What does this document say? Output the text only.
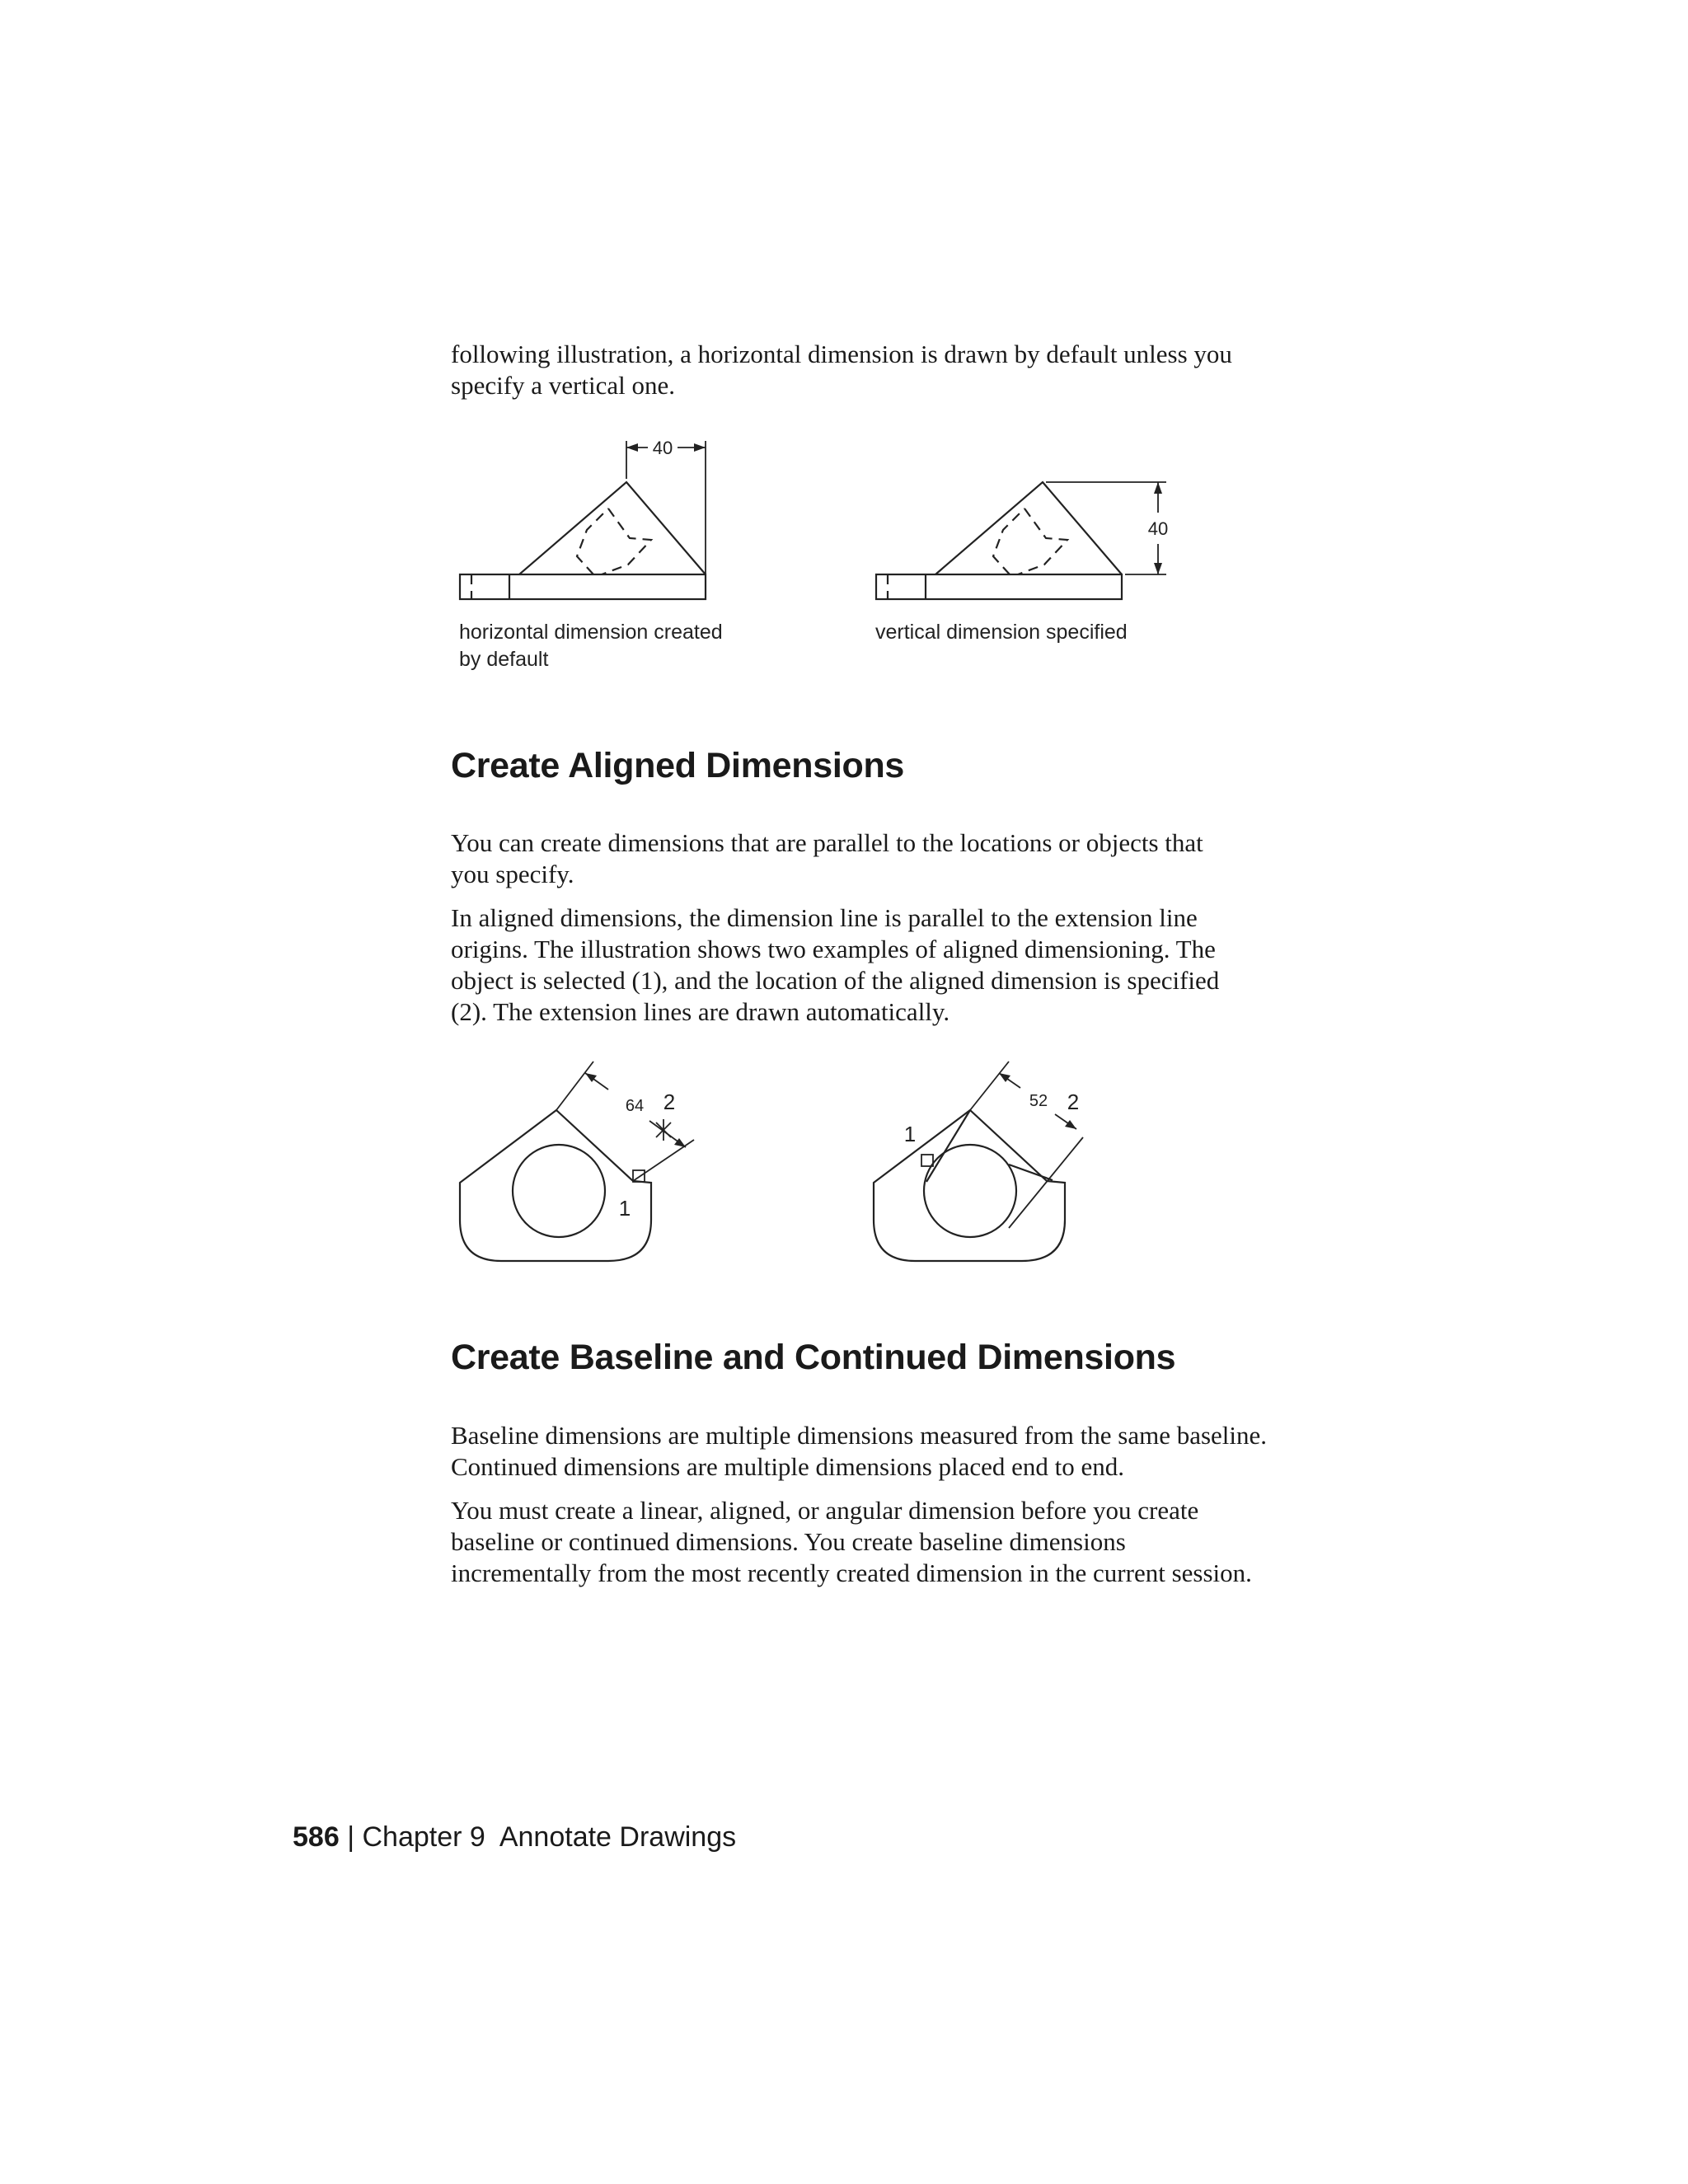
following illustration, a horizontal dimension is drawn by default unless you
specify a vertical one.
40
horizontal dimension created
by default
40
vertical dimension specified
Create Aligned Dimensions
You can create dimensions that are parallel to the locations or objects that
you specify.
In aligned dimensions, the dimension line is parallel to the extension line
origins. The illustration shows two examples of aligned dimensioning. The
object is selected (1), and the location of the aligned dimension is specified
(2). The extension lines are drawn automatically.
64 2
1
52 2
1
Create Baseline and Continued Dimensions
Baseline dimensions are multiple dimensions measured from the same baseline.
Continued dimensions are multiple dimensions placed end to end.
You must create a linear, aligned, or angular dimension before you create
baseline or continued dimensions. You create baseline dimensions
incrementally from the most recently created dimension in the current session.
586 | Chapter 9 Annotate Drawings
